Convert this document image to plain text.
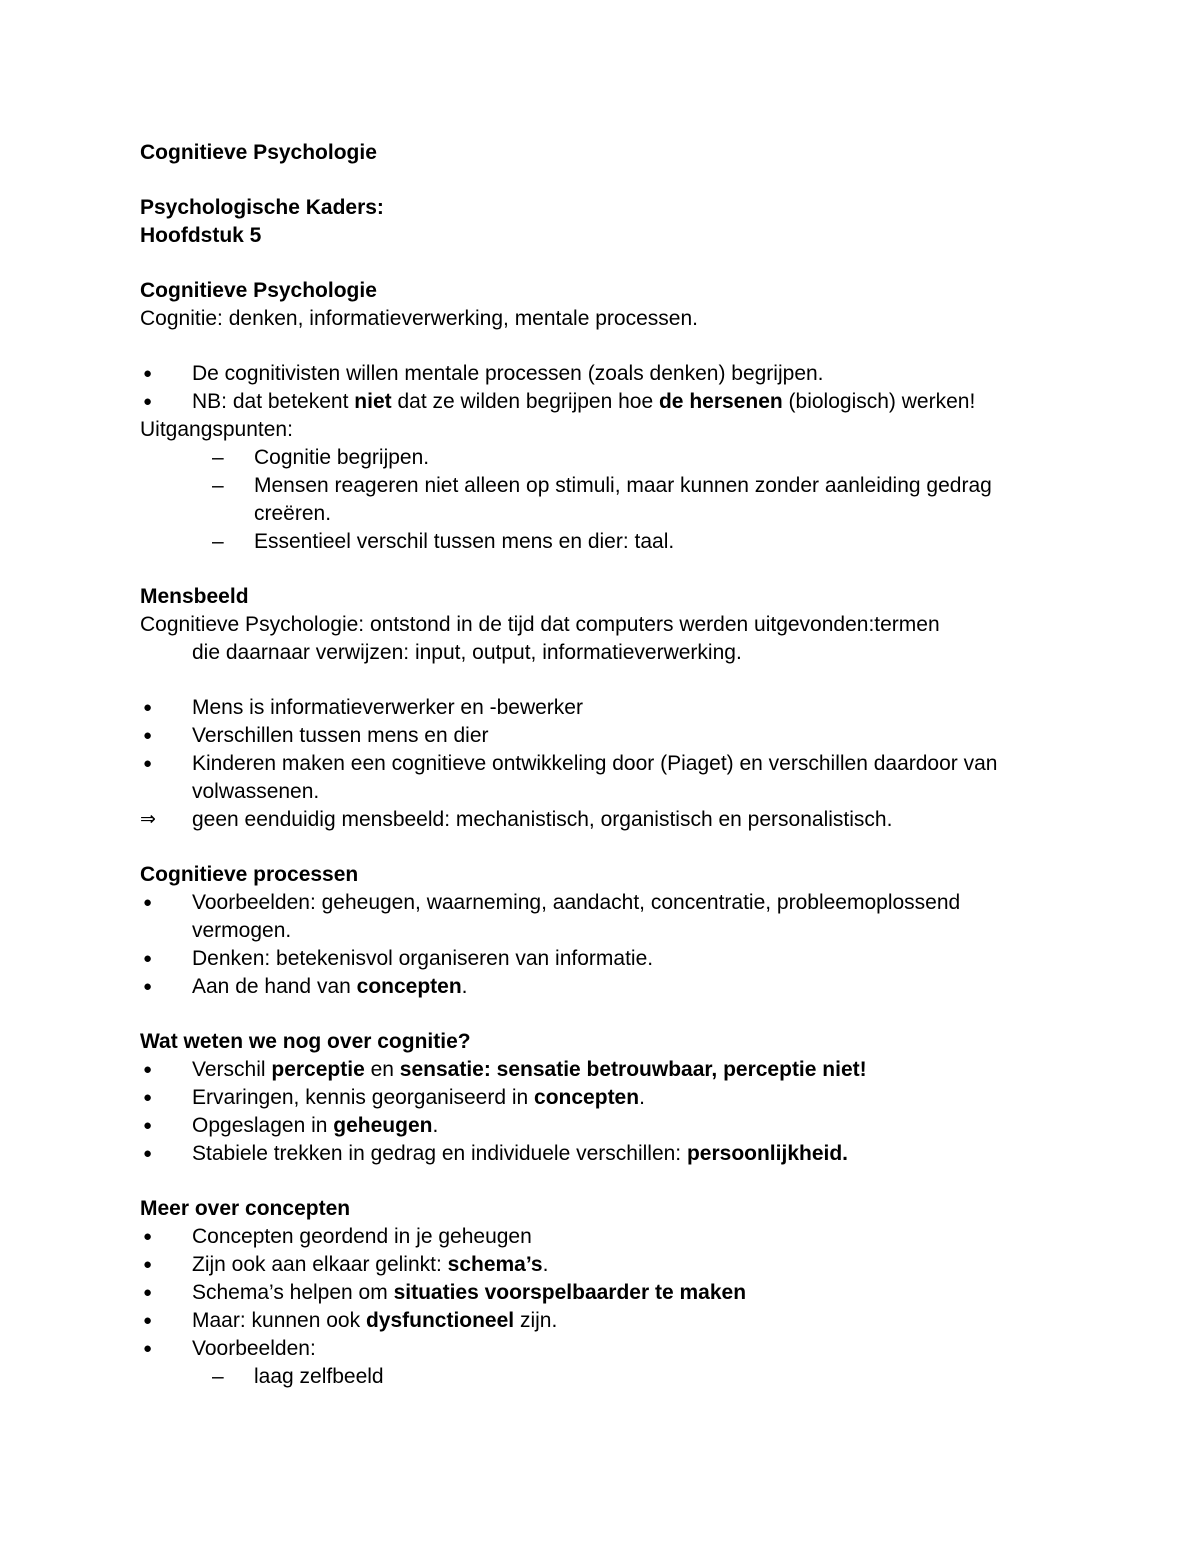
Cognitieve Psychologie
Psychologische Kaders:
Hoofdstuk 5
Cognitieve Psychologie
Cognitie: denken, informatieverwerking, mentale processen.
●	De cognitivisten willen mentale processen (zoals denken) begrijpen.
●	NB: dat betekent niet dat ze wilden begrijpen hoe de hersenen (biologisch) werken!
Uitgangspunten:
–	Cognitie begrijpen.
–	Mensen reageren niet alleen op stimuli, maar kunnen zonder aanleiding gedrag creëren.
–	Essentieel verschil tussen mens en dier: taal.
Mensbeeld
Cognitieve Psychologie: ontstond in de tijd dat computers werden uitgevonden:termen
die daarnaar verwijzen: input, output, informatieverwerking.
●	Mens is informatieverwerker en -bewerker
●	Verschillen tussen mens en dier
●	Kinderen maken een cognitieve ontwikkeling door (Piaget) en verschillen daardoor van volwassenen.
⇒	geen eenduidig mensbeeld: mechanistisch, organistisch en personalistisch.
Cognitieve processen
●	Voorbeelden: geheugen, waarneming, aandacht, concentratie, probleemoplossend vermogen.
●	Denken: betekenisvol organiseren van informatie.
●	Aan de hand van concepten.
Wat weten we nog over cognitie?
●	Verschil perceptie en sensatie: sensatie betrouwbaar, perceptie niet!
●	Ervaringen, kennis georganiseerd in concepten.
●	Opgeslagen in geheugen.
●	Stabiele trekken in gedrag en individuele verschillen: persoonlijkheid.
Meer over concepten
●	Concepten geordend in je geheugen
●	Zijn ook aan elkaar gelinkt: schema’s.
●	Schema’s helpen om situaties voorspelbaarder te maken
●	Maar: kunnen ook dysfunctioneel zijn.
●	Voorbeelden:
–	laag zelfbeeld
